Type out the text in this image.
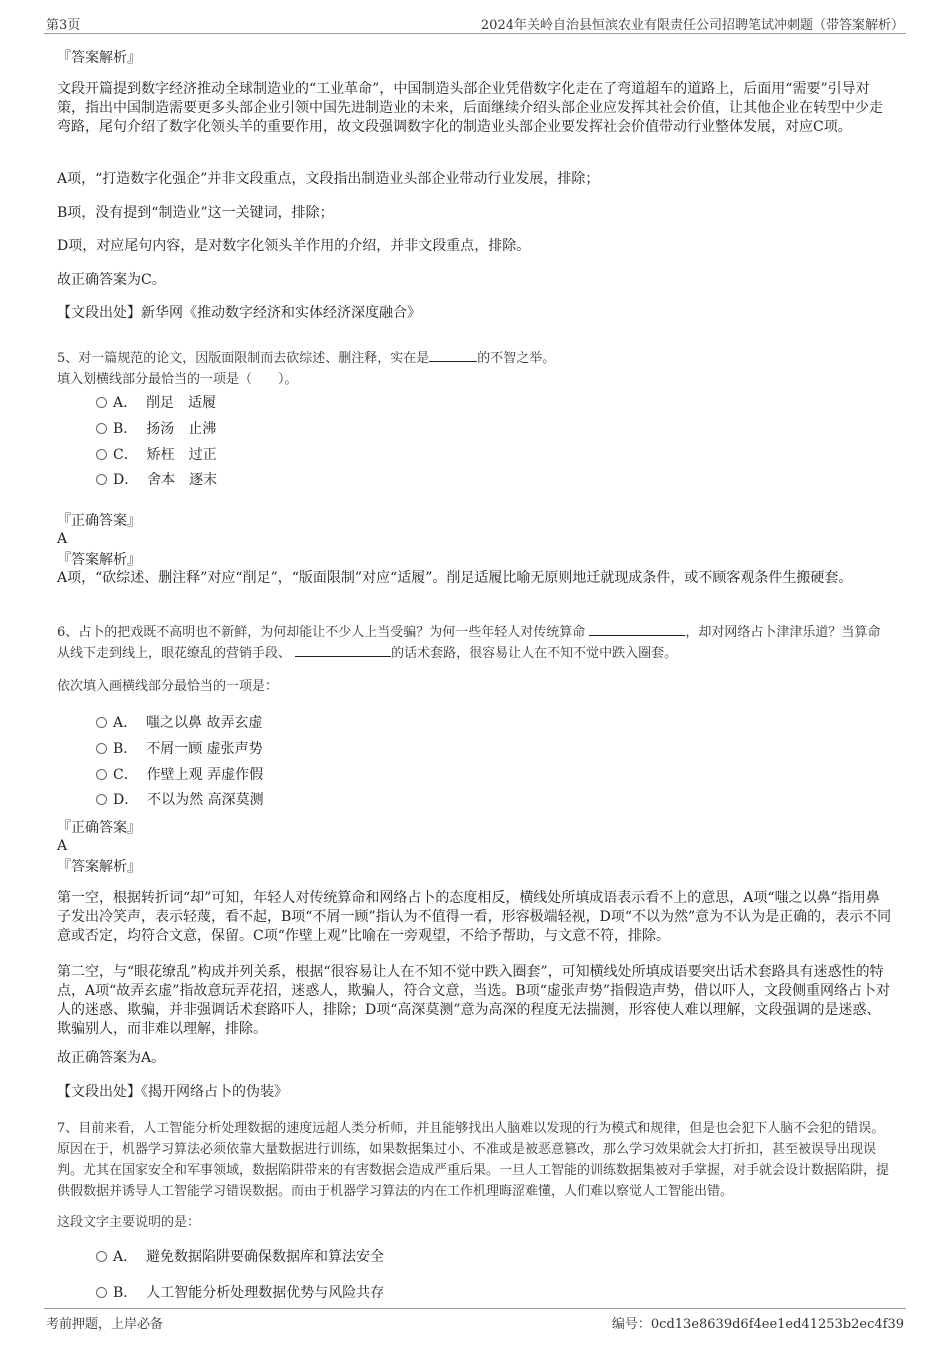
第3页	2024年关岭自治县恒滨农业有限责任公司招聘笔试冲刺题（带答案解析）

『答案解析』

文段开篇提到数字经济推动全球制造业的“工业革命”，中国制造头部企业凭借数字化走在了弯道超车的道路上，后面用“需要”引导对策，指出中国制造需要更多头部企业引领中国先进制造业的未来，后面继续介绍头部企业应发挥其社会价值，让其他企业在转型中少走弯路，尾句介绍了数字化领头羊的重要作用，故文段强调数字化的制造业头部企业要发挥社会价值带动行业整体发展，对应C项。

A项，“打造数字化强企”并非文段重点，文段指出制造业头部企业带动行业发展，排除；

B项，没有提到“制造业”这一关键词，排除；

D项，对应尾句内容，是对数字化领头羊作用的介绍，并非文段重点，排除。

故正确答案为C。

【文段出处】新华网《推动数字经济和实体经济深度融合》

5、对一篇规范的论文，因版面限制而去砍综述、删注释，实在是	的不智之举。

填入划横线部分最恰当的一项是（　　）。

A． 削足　适履
B． 扬汤　止沸
C． 矫枉　过正
D． 舍本　逐末

『正确答案』

A

『答案解析』

A项，“砍综述、删注释”对应“削足”，“版面限制”对应“适履”。削足适履比喻无原则地迁就现成条件，或不顾客观条件生搬硬套。

6、占卜的把戏既不高明也不新鲜，为何却能让不少人上当受骗？为何一些年轻人对传统算命	，却对网络占卜津津乐道？当算命从线下走到线上，眼花缭乱的营销手段、	的话术套路，很容易让人在不知不觉中跌入圈套。

依次填入画横线部分最恰当的一项是：

A． 嗤之以鼻 故弄玄虚
B． 不屑一顾 虚张声势
C． 作壁上观 弄虚作假
D． 不以为然 高深莫测

『正确答案』

A

『答案解析』

第一空，根据转折词“却”可知，年轻人对传统算命和网络占卜的态度相反，横线处所填成语表示看不上的意思，A项“嗤之以鼻”指用鼻子发出冷笑声，表示轻蔑，看不起，B项“不屑一顾”指认为不值得一看，形容极端轻视，D项“不以为然”意为不认为是正确的，表示不同意或否定，均符合文意，保留。C项“作壁上观”比喻在一旁观望，不给予帮助，与文意不符，排除。

第二空，与“眼花缭乱”构成并列关系，根据“很容易让人在不知不觉中跌入圈套”，可知横线处所填成语要突出话术套路具有迷惑性的特点，A项“故弄玄虚”指故意玩弄花招，迷惑人，欺骗人，符合文意，当选。B项“虚张声势”指假造声势，借以吓人，文段侧重网络占卜对人的迷惑、欺骗，并非强调话术套路吓人，排除；D项“高深莫测”意为高深的程度无法揣测，形容使人难以理解，文段强调的是迷惑、欺骗别人，而非难以理解，排除。

故正确答案为A。

【文段出处】《揭开网络占卜的伪装》

7、目前来看，人工智能分析处理数据的速度远超人类分析师，并且能够找出人脑难以发现的行为模式和规律，但是也会犯下人脑不会犯的错误。原因在于，机器学习算法必须依靠大量数据进行训练，如果数据集过小、不准或是被恶意篡改，那么学习效果就会大打折扣，甚至被误导出现误判。尤其在国家安全和军事领域，数据陷阱带来的有害数据会造成严重后果。一旦人工智能的训练数据集被对手掌握，对手就会设计数据陷阱，提供假数据并诱导人工智能学习错误数据。而由于机器学习算法的内在工作机理晦涩难懂，人们难以察觉人工智能出错。

这段文字主要说明的是：

A． 避免数据陷阱要确保数据库和算法安全
B． 人工智能分析处理数据优势与风险共存
考前押题，上岸必备	编号：0cd13e8639d6f4ee1ed41253b2ec4f39
